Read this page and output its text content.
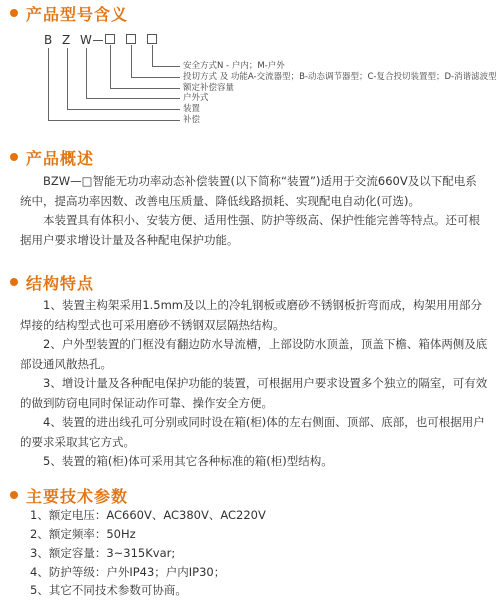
产品型号含义
B Z W
安全方式N - 户内；M-户外
投切方式 及 功能A-交流器型；B-动态调节器型；C-复合投切装置型；D-消谐滤波型
额定补偿容量
户外式
装置
补偿
产品概述

BZW—□智能无功功率动态补偿装置(以下简称“装置”)适用于交流660V及以下配电系统中，提高功率因数、改善电压质量、降低线路损耗、实现配电自动化(可选)。

本装置具有体积小、安装方便、适用性强、防护等级高、保护性能完善等特点。还可根据用户要求增设计量及各种配电保护功能。

结构特点

1、装置主构架采用1.5mm及以上的冷轧钢板或磨砂不锈钢板折弯而成，构架用用部分焊接的结构型式也可采用磨砂不锈钢双层隔热结构。

2、户外型装置的门框没有翻边防水导流槽，上部设防水顶盖，顶盖下檐、箱体两侧及底部设通风散热孔。

3、增设计量及各种配电保护功能的装置，可根据用户要求设置多个独立的隔室，可有效的做到防窃电同时保证动作可靠、操作安全方便。

4、装置的进出线孔可分别或同时设在箱(柜)体的左右侧面、顶部、底部，也可根据用户的要求采取其它方式。

5、装置的箱(柜)体可采用其它各种标准的箱(柜)型结构。

主要技术参数
1、额定电压：AC660V、AC380V、AC220V
2、额定频率：50Hz
3、额定容量：3~315Kvar;
4、防护等级：户外IP43；户内IP30；
5、其它不同技术参数可协商。
